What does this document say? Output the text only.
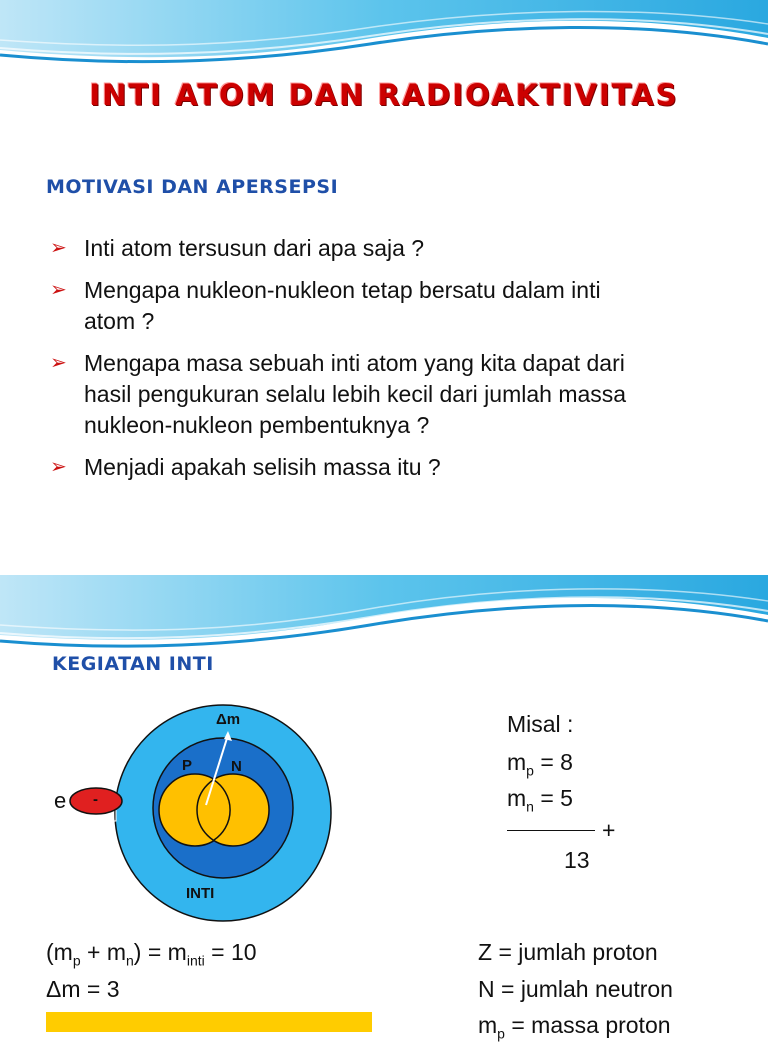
INTI ATOM DAN RADIOAKTIVITAS
MOTIVASI DAN APERSEPSI
➢ Inti atom tersusun dari apa saja ?
➢ Mengapa nukleon-nukleon tetap bersatu dalam inti
atom ?
➢ Mengapa masa sebuah inti atom yang kita dapat dari
hasil pengukuran selalu lebih kecil dari jumlah massa
nukleon-nukleon pembentuknya ?
➢ Menjadi apakah selisih massa itu ?
KEGIATAN INTI
Δm
P	N
INTI
e -
Misal :
$m_p = 8$
$m_n = 5$
+
13
$(m_p + m_n) = m_{inti} = 10$
Δm = 3
Z = jumlah proton
N = jumlah neutron
$m_p$ = massa proton
